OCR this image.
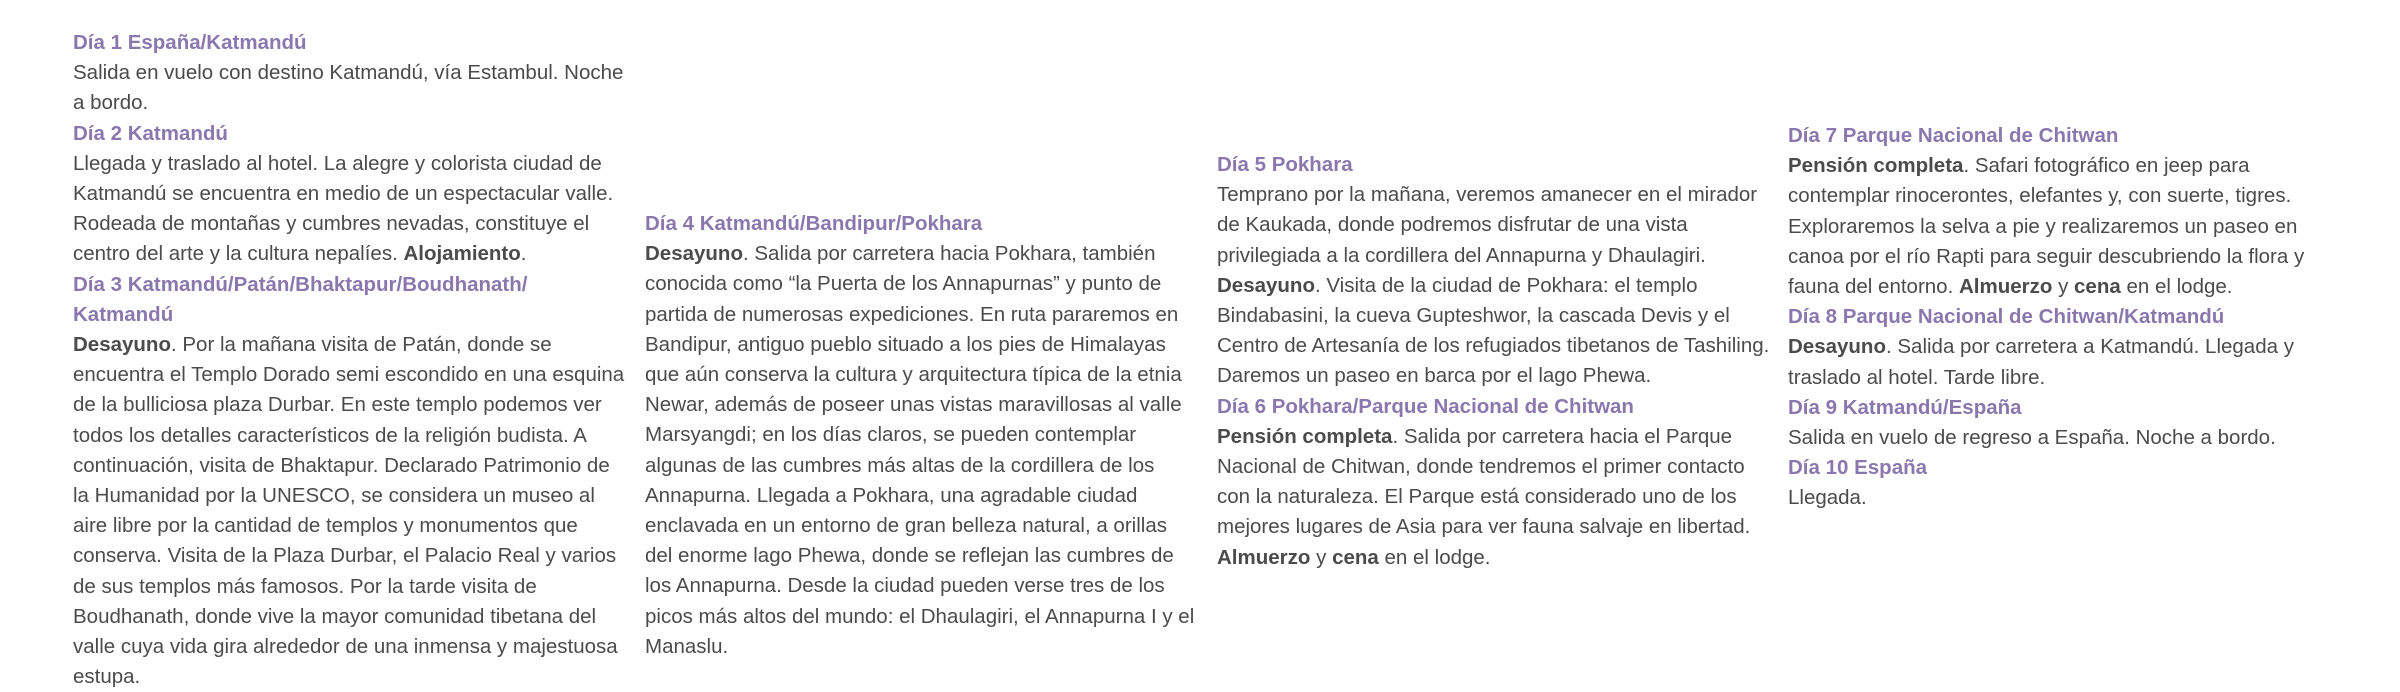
Día 1 España/Katmandú

Salida en vuelo con destino Katmandú, vía Estambul. Noche a bordo.

Día 2 Katmandú

Llegada y traslado al hotel. La alegre y colorista ciudad de Katmandú se encuentra en medio de un espectacular valle. Rodeada de montañas y cumbres nevadas, constituye el centro del arte y la cultura nepalíes. Alojamiento.

Día 3 Katmandú/Patán/Bhaktapur/Boudhanath/ Katmandú

Desayuno. Por la mañana visita de Patán, donde se encuentra el Templo Dorado semi escondido en una esquina de la bulliciosa plaza Durbar. En este templo podemos ver todos los detalles característicos de la religión budista. A continuación, visita de Bhaktapur. Declarado Patrimonio de la Humanidad por la UNESCO, se considera un museo al aire libre por la cantidad de templos y monumentos que conserva. Visita de la Plaza Durbar, el Palacio Real y varios de sus templos más famosos. Por la tarde visita de Boudhanath, donde vive la mayor comunidad tibetana del valle cuya vida gira alrededor de una inmensa y majestuosa estupa.

Día 4 Katmandú/Bandipur/Pokhara

Desayuno. Salida por carretera hacia Pokhara, también conocida como “la Puerta de los Annapurnas” y punto de partida de numerosas expediciones. En ruta pararemos en Bandipur, antiguo pueblo situado a los pies de Himalayas que aún conserva la cultura y arquitectura típica de la etnia Newar, además de poseer unas vistas maravillosas al valle Marsyangdi; en los días claros, se pueden contemplar algunas de las cumbres más altas de la cordillera de los Annapurna. Llegada a Pokhara, una agradable ciudad enclavada en un entorno de gran belleza natural, a orillas del enorme lago Phewa, donde se reflejan las cumbres de los Annapurna. Desde la ciudad pueden verse tres de los picos más altos del mundo: el Dhaulagiri, el Annapurna I y el Manaslu.

Día 5 Pokhara

Temprano por la mañana, veremos amanecer en el mirador de Kaukada, donde podremos disfrutar de una vista privilegiada a la cordillera del Annapurna y Dhaulagiri. Desayuno. Visita de la ciudad de Pokhara: el templo Bindabasini, la cueva Gupteshwor, la cascada Devis y el Centro de Artesanía de los refugiados tibetanos de Tashiling. Daremos un paseo en barca por el lago Phewa.

Día 6 Pokhara/Parque Nacional de Chitwan

Pensión completa. Salida por carretera hacia el Parque Nacional de Chitwan, donde tendremos el primer contacto con la naturaleza. El Parque está considerado uno de los mejores lugares de Asia para ver fauna salvaje en libertad. Almuerzo y cena en el lodge.

Día 7 Parque Nacional de Chitwan

Pensión completa. Safari fotográfico en jeep para contemplar rinocerontes, elefantes y, con suerte, tigres. Exploraremos la selva a pie y realizaremos un paseo en canoa por el río Rapti para seguir descubriendo la flora y fauna del entorno. Almuerzo y cena en el lodge.

Día 8 Parque Nacional de Chitwan/Katmandú

Desayuno. Salida por carretera a Katmandú. Llegada y traslado al hotel. Tarde libre.

Día 9 Katmandú/España

Salida en vuelo de regreso a España. Noche a bordo.

Día 10 España

Llegada.
